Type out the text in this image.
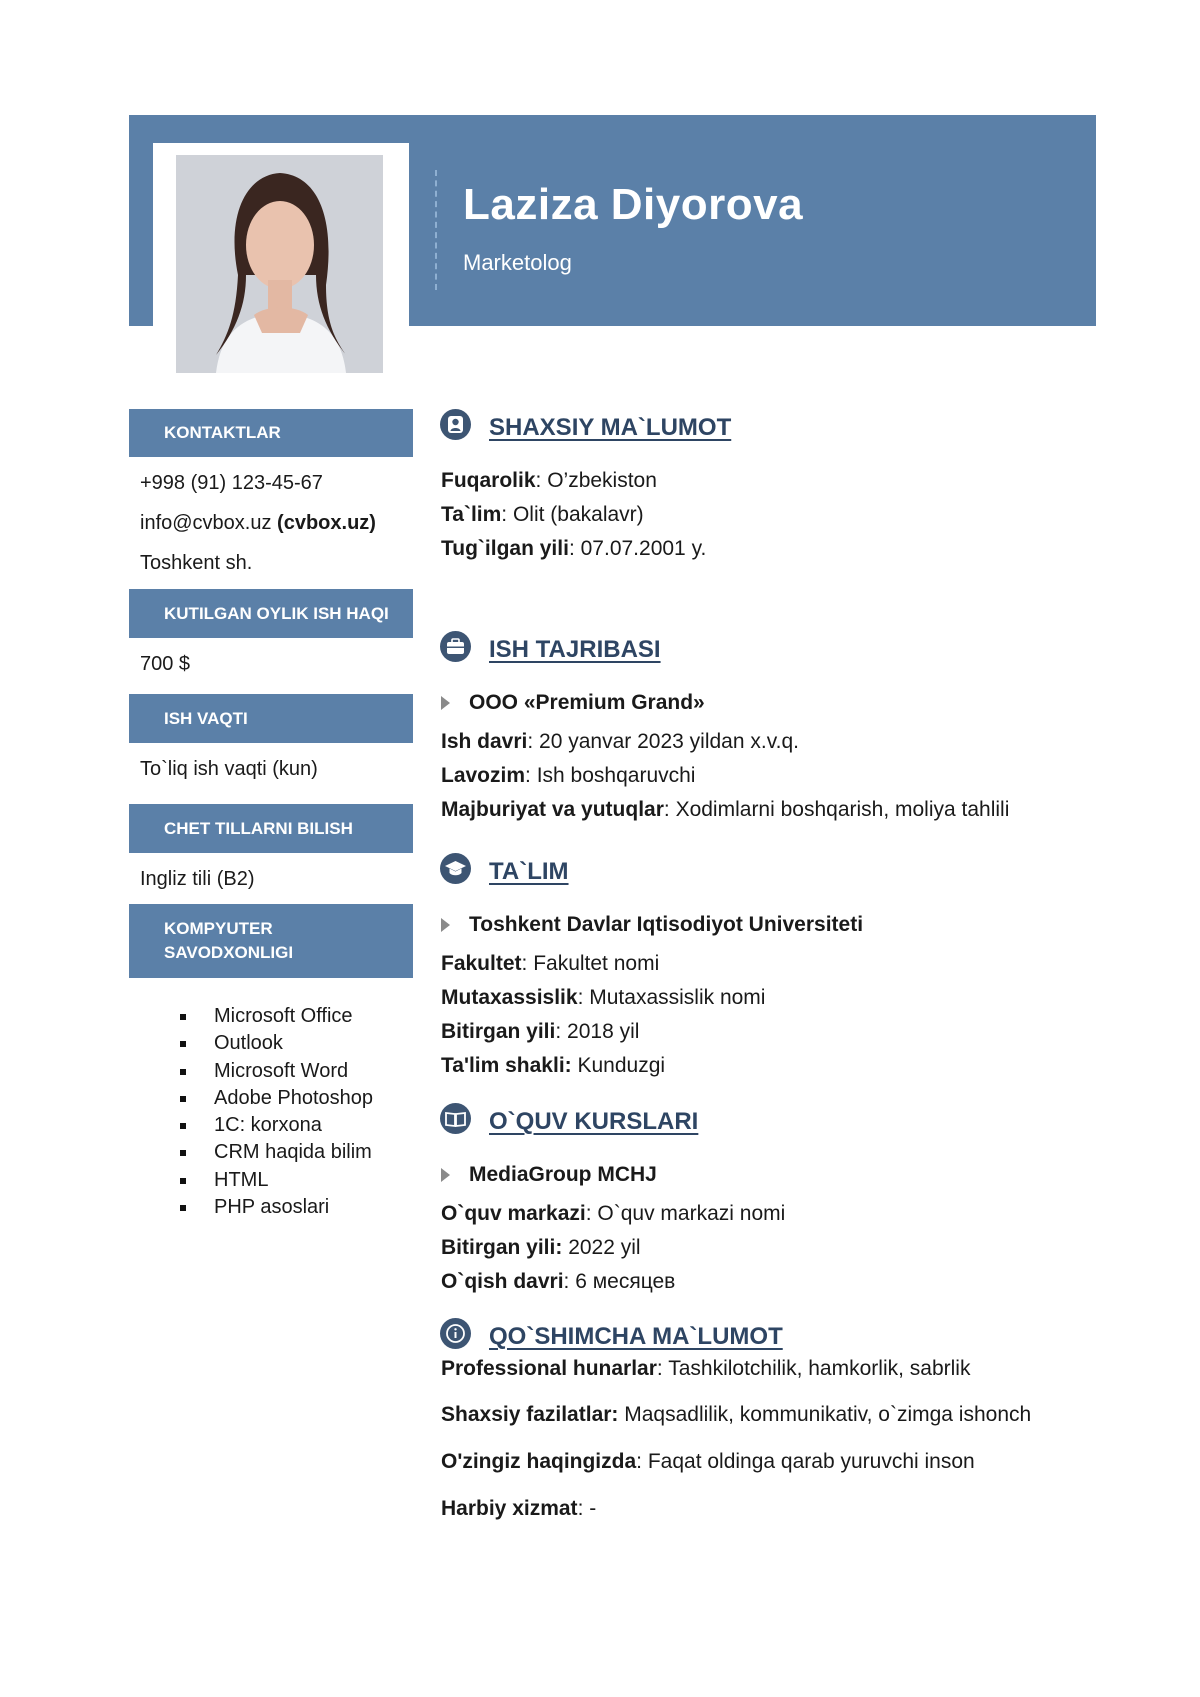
Laziza Diyorova
Marketolog
KONTAKTLAR
+998 (91) 123-45-67
info@cvbox.uz (cvbox.uz)
Toshkent sh.
KUTILGAN OYLIK ISH HAQI
700 $
ISH VAQTI
To`liq ish vaqti (kun)
CHET TILLARNI BILISH
Ingliz tili (B2)
KOMPYUTER
SAVODXONLIGI
Microsoft Office
Outlook
Microsoft Word
Adobe Photoshop
1C: korxona
CRM haqida bilim
HTML
PHP asoslari
SHAXSIY MA`LUMOT
Fuqarolik: O’zbekiston
Ta`lim: Olit (bakalavr)
Tug`ilgan yili: 07.07.2001 y.
ISH TAJRIBASI
OOO «Premium Grand»
Ish davri: 20 yanvar 2023 yildan x.v.q.
Lavozim: Ish boshqaruvchi
Majburiyat va yutuqlar: Xodimlarni boshqarish, moliya tahlili
TA`LIM
Toshkent Davlar Iqtisodiyot Universiteti
Fakultet: Fakultet nomi
Mutaxassislik: Mutaxassislik nomi
Bitirgan yili: 2018 yil
Ta'lim shakli: Kunduzgi
O`QUV KURSLARI
MediaGroup MCHJ
O`quv markazi: O`quv markazi nomi
Bitirgan yili: 2022 yil
O`qish davri: 6 месяцев
QO`SHIMCHA MA`LUMOT
Professional hunarlar: Tashkilotchilik, hamkorlik, sabrlik
Shaxsiy fazilatlar: Maqsadlilik, kommunikativ, o`zimga ishonch
O'zingiz haqingizda: Faqat oldinga qarab yuruvchi inson
Harbiy xizmat: -
